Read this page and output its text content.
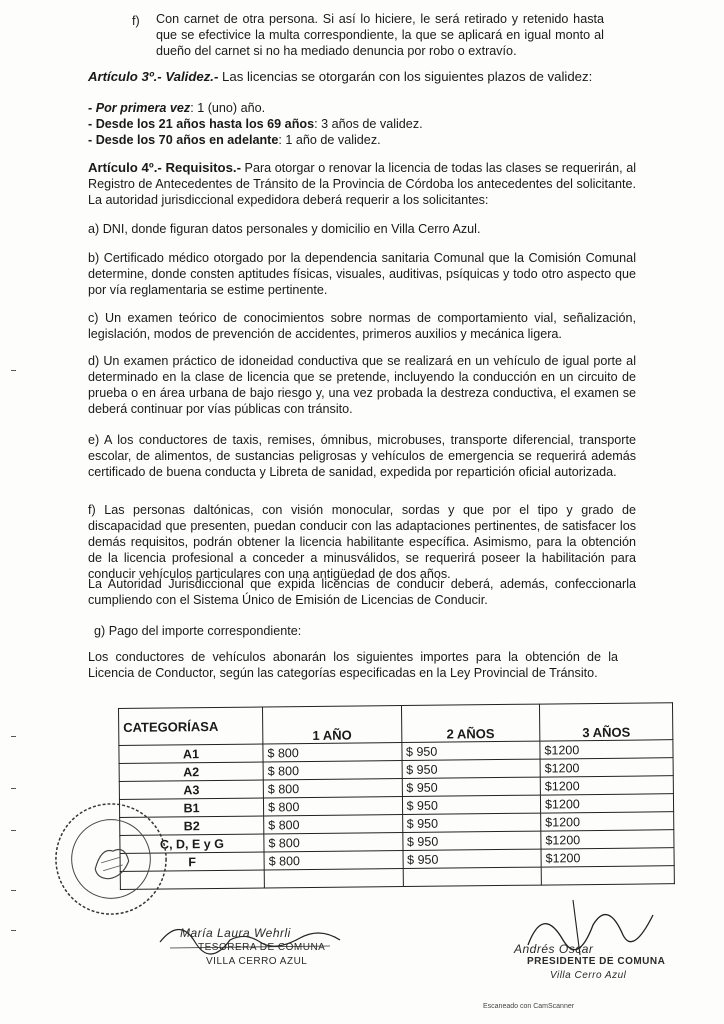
f) Con carnet de otra persona. Si así lo hiciere, le será retirado y retenido hasta que se efectivice la multa correspondiente, la que se aplicará en igual monto al dueño del carnet si no ha mediado denuncia por robo o extravío.
Artículo 3º.- Validez.- Las licencias se otorgarán con los siguientes plazos de validez:
- Por primera vez: 1 (uno) año.
- Desde los 21 años hasta los 69 años: 3 años de validez.
- Desde los 70 años en adelante: 1 año de validez.
Artículo 4º.- Requisitos.- Para otorgar o renovar la licencia de todas las clases se requerirán, al Registro de Antecedentes de Tránsito de la Provincia de Córdoba los antecedentes del solicitante. La autoridad jurisdiccional expedidora deberá requerir a los solicitantes:
a) DNI, donde figuran datos personales y domicilio en Villa Cerro Azul.
b) Certificado médico otorgado por la dependencia sanitaria Comunal que la Comisión Comunal determine, donde consten aptitudes físicas, visuales, auditivas, psíquicas y todo otro aspecto que por vía reglamentaria se estime pertinente.
c) Un examen teórico de conocimientos sobre normas de comportamiento vial, señalización, legislación, modos de prevención de accidentes, primeros auxilios y mecánica ligera.
d) Un examen práctico de idoneidad conductiva que se realizará en un vehículo de igual porte al determinado en la clase de licencia que se pretende, incluyendo la conducción en un circuito de prueba o en área urbana de bajo riesgo y, una vez probada la destreza conductiva, el examen se deberá continuar por vías públicas con tránsito.
e) A los conductores de taxis, remises, ómnibus, microbuses, transporte diferencial, transporte escolar, de alimentos, de sustancias peligrosas y vehículos de emergencia se requerirá además certificado de buena conducta y Libreta de sanidad, expedida por repartición oficial autorizada.
f) Las personas daltónicas, con visión monocular, sordas y que por el tipo y grado de discapacidad que presenten, puedan conducir con las adaptaciones pertinentes, de satisfacer los demás requisitos, podrán obtener la licencia habilitante específica. Asimismo, para la obtención de la licencia profesional a conceder a minusválidos, se requerirá poseer la habilitación para conducir vehículos particulares con una antigüedad de dos años.
La Autoridad Jurisdiccional que expida licencias de conducir deberá, además, confeccionarla cumpliendo con el Sistema Único de Emisión de Licencias de Conducir.
g) Pago del importe correspondiente:
Los conductores de vehículos abonarán los siguientes importes para la obtención de la Licencia de Conductor, según las categorías especificadas en la Ley Provincial de Tránsito.
CATEGORÍASA	1 AÑO	2 AÑOS	3 AÑOS
A1	$ 800	$ 950	$1200
A2	$ 800	$ 950	$1200
A3	$ 800	$ 950	$1200
B1	$ 800	$ 950	$1200
B2	$ 800	$ 950	$1200
C, D, E y G	$ 800	$ 950	$1200
F	$ 800	$ 950	$1200

María Laura Wehrli
TESORERA DE COMUNA
VILLA CERRO AZUL
Andrés Oscar
PRESIDENTE DE COMUNA
Villa Cerro Azul
Escaneado con CamScanner
